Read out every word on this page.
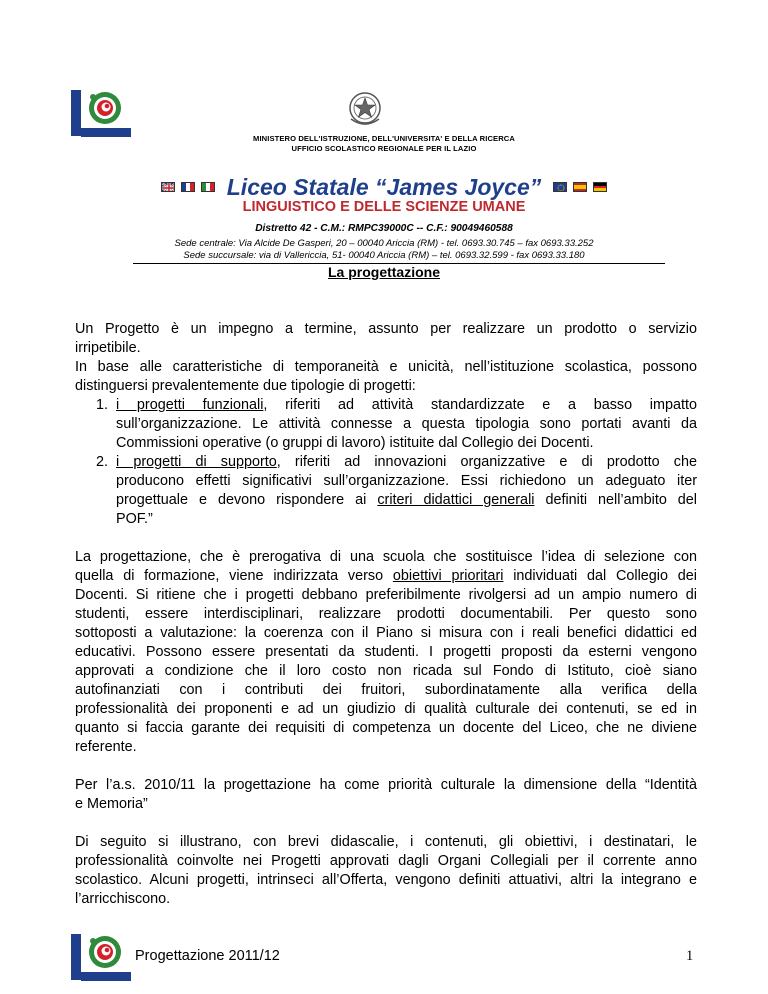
MINISTERO DELL'ISTRUZIONE, DELL'UNIVERSITA' E DELLA RICERCA
UFFICIO SCOLASTICO REGIONALE PER IL LAZIO
Liceo Statale “James Joyce”
LINGUISTICO E DELLE SCIENZE UMANE
Distretto 42 - C.M.: RMPC39000C -- C.F.: 90049460588
Sede centrale: Via Alcide De Gasperi, 20 – 00040 Ariccia (RM) - tel. 0693.30.745 – fax 0693.33.252
Sede succursale: via di Vallericcia, 51- 00040 Ariccia (RM) – tel. 0693.32.599 - fax 0693.33.180
La progettazione
Un Progetto è un impegno a termine, assunto per realizzare un prodotto o servizio
irripetibile.
In base alle caratteristiche di temporaneità e unicità, nell’istituzione scolastica, possono
distinguersi prevalentemente due tipologie di progetti:
1. i progetti funzionali, riferiti ad attività standardizzate e a basso impatto
sull’organizzazione. Le attività connesse a questa tipologia sono portati avanti da
Commissioni operative (o gruppi di lavoro) istituite dal Collegio dei Docenti.
2. i progetti di supporto, riferiti ad innovazioni organizzative e di prodotto che
producono effetti significativi sull’organizzazione. Essi richiedono un adeguato iter
progettuale e devono rispondere ai criteri didattici generali definiti nell’ambito del
POF.”
La progettazione, che è prerogativa di una scuola che sostituisce l’idea di selezione con
quella di formazione, viene indirizzata verso obiettivi prioritari individuati dal Collegio dei
Docenti. Si ritiene che i progetti debbano preferibilmente rivolgersi ad un ampio numero di
studenti, essere interdisciplinari, realizzare prodotti documentabili. Per questo sono
sottoposti a valutazione: la coerenza con il Piano si misura con i reali benefici didattici ed
educativi. Possono essere presentati da studenti. I progetti proposti da esterni vengono
approvati a condizione che il loro costo non ricada sul Fondo di Istituto, cioè siano
autofinanziati con i contributi dei fruitori, subordinatamente alla verifica della
professionalità dei proponenti e ad un giudizio di qualità culturale dei contenuti, se ed in
quanto si faccia garante dei requisiti di competenza un docente del Liceo, che ne diviene
referente.
Per l’a.s. 2010/11 la progettazione ha come priorità culturale la dimensione della “Identità
e Memoria”
Di seguito si illustrano, con brevi didascalie, i contenuti, gli obiettivi, i destinatari, le
professionalità coinvolte nei Progetti approvati dagli Organi Collegiali per il corrente anno
scolastico. Alcuni progetti, intrinseci all’Offerta, vengono definiti attuativi, altri la integrano e
l’arricchiscono.
Progettazione 2011/12	1
